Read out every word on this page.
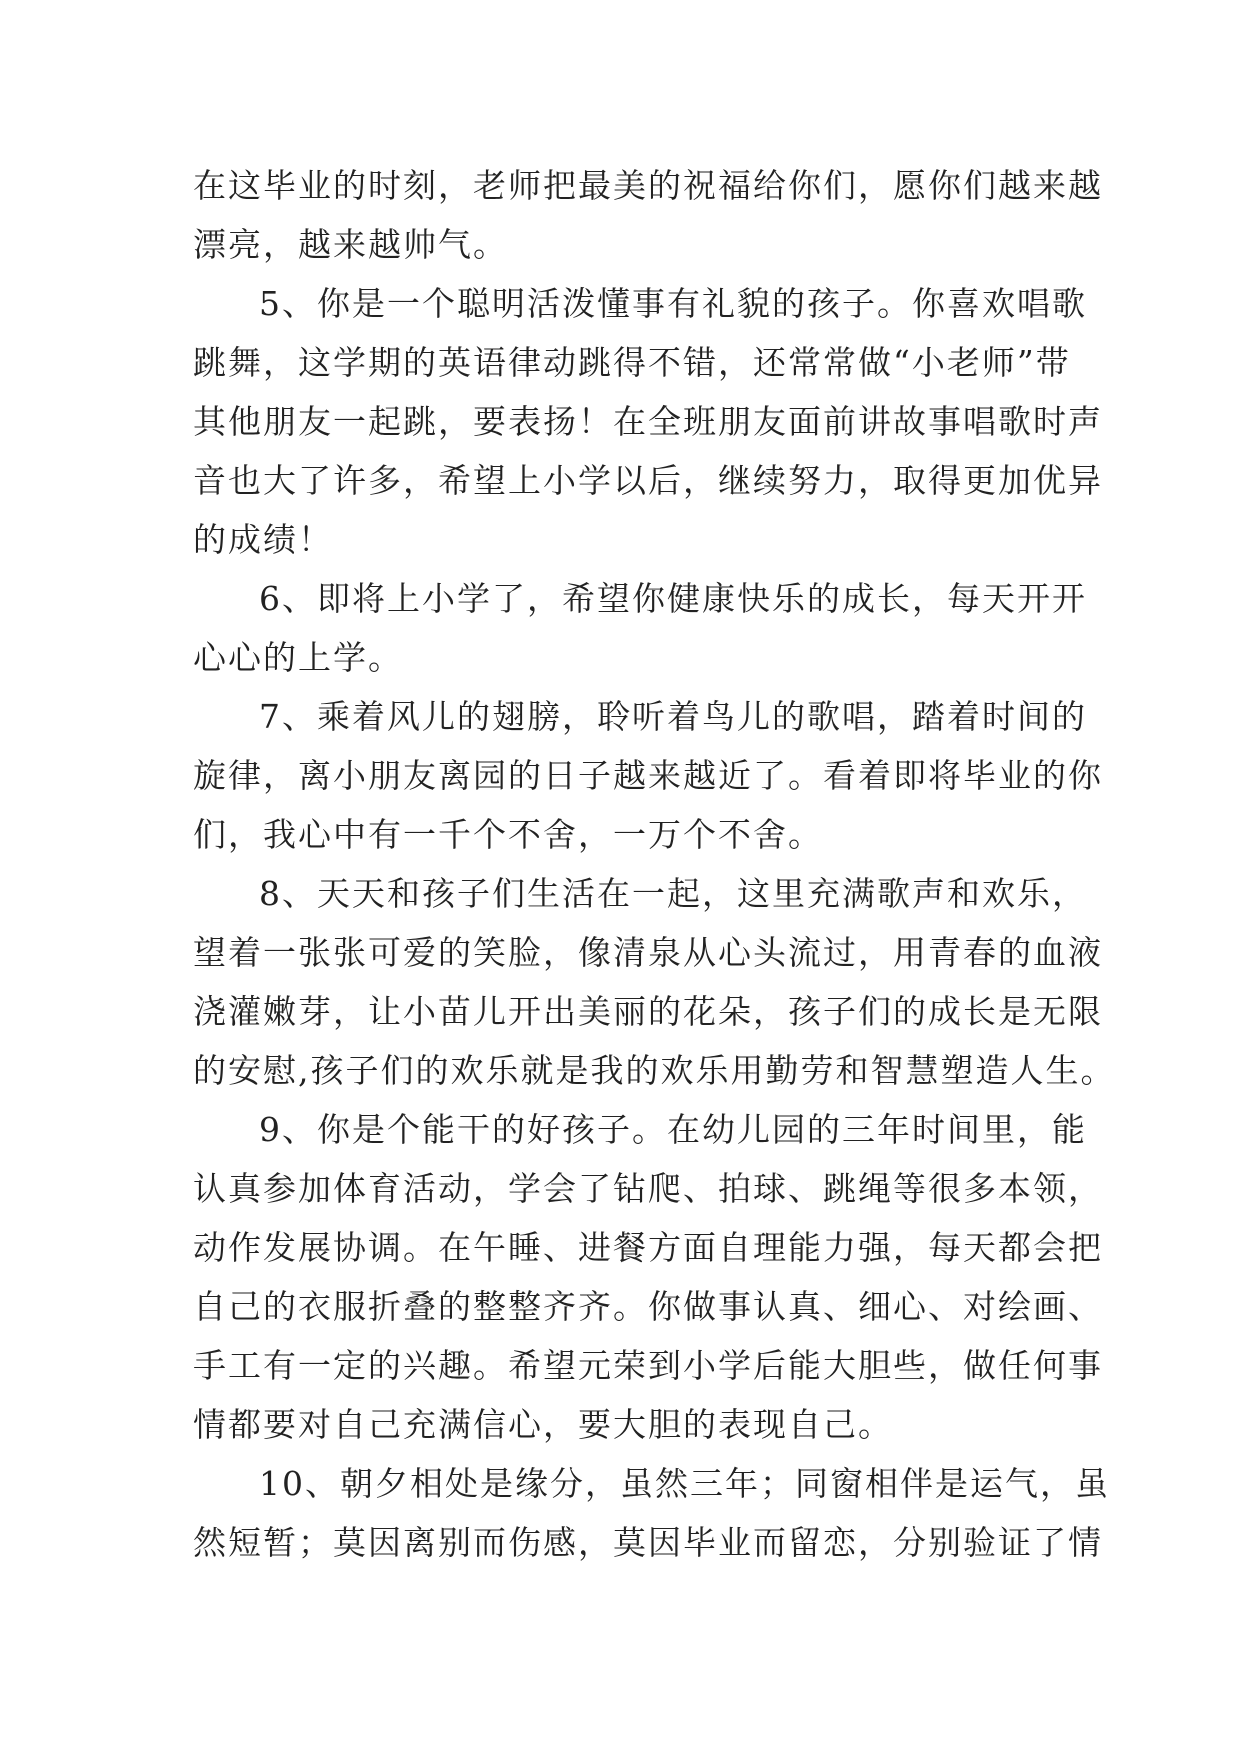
在这毕业的时刻，老师把最美的祝福给你们，愿你们越来越
漂亮，越来越帅气。
5、你是一个聪明活泼懂事有礼貌的孩子。你喜欢唱歌
跳舞，这学期的英语律动跳得不错，还常常做“小老师”带
其他朋友一起跳，要表扬！在全班朋友面前讲故事唱歌时声
音也大了许多，希望上小学以后，继续努力，取得更加优异
的成绩！
6、即将上小学了，希望你健康快乐的成长，每天开开
心心的上学。
7、乘着风儿的翅膀，聆听着鸟儿的歌唱，踏着时间的
旋律，离小朋友离园的日子越来越近了。看着即将毕业的你
们，我心中有一千个不舍，一万个不舍。
8、天天和孩子们生活在一起，这里充满歌声和欢乐，
望着一张张可爱的笑脸，像清泉从心头流过，用青春的血液
浇灌嫩芽，让小苗儿开出美丽的花朵，孩子们的成长是无限
的安慰,孩子们的欢乐就是我的欢乐用勤劳和智慧塑造人生。
9、你是个能干的好孩子。在幼儿园的三年时间里，能
认真参加体育活动，学会了钻爬、拍球、跳绳等很多本领，
动作发展协调。在午睡、进餐方面自理能力强，每天都会把
自己的衣服折叠的整整齐齐。你做事认真、细心、对绘画、
手工有一定的兴趣。希望元荣到小学后能大胆些，做任何事
情都要对自己充满信心，要大胆的表现自己。
10、朝夕相处是缘分，虽然三年；同窗相伴是运气，虽
然短暂；莫因离别而伤感，莫因毕业而留恋，分别验证了情
